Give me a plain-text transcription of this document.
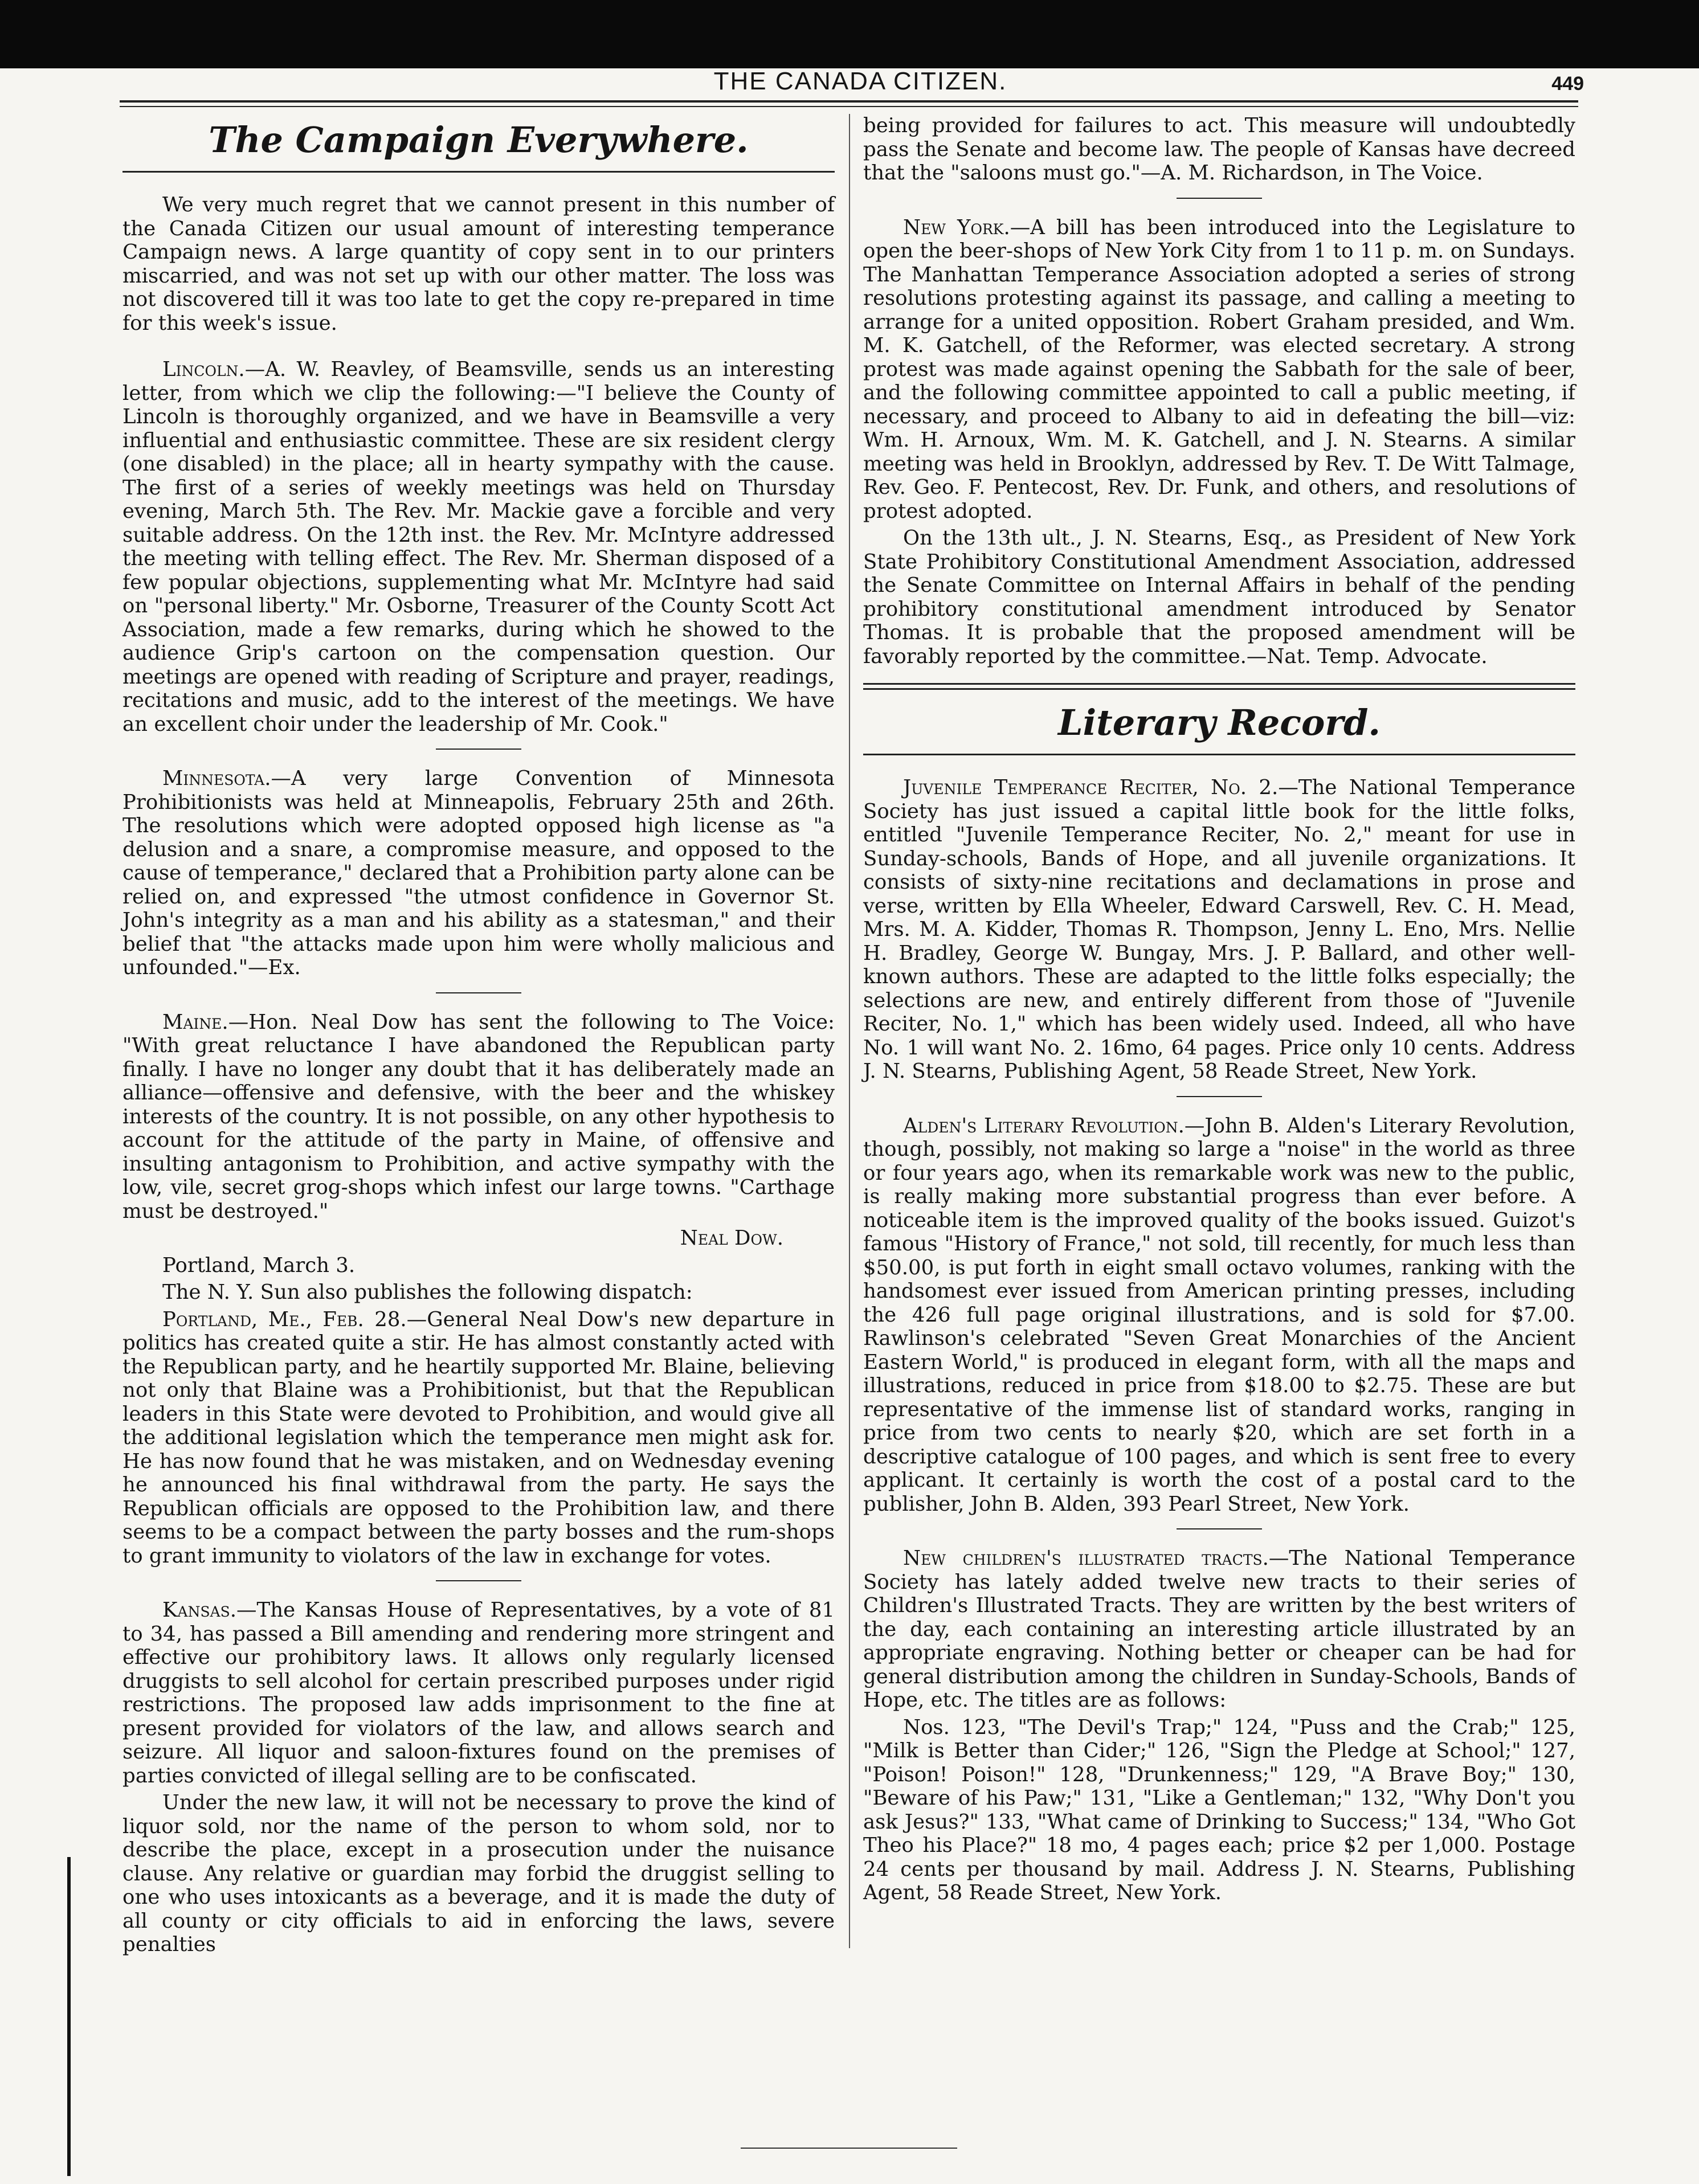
THE CANADA CITIZEN.	449
The Campaign Everywhere.

We very much regret that we cannot present in this number of the Canada Citizen our usual amount of interesting temperance Campaign news. A large quantity of copy sent in to our printers miscarried, and was not set up with our other matter. The loss was not discovered till it was too late to get the copy re-prepared in time for this week's issue.

Lincoln.—A. W. Reavley, of Beamsville, sends us an interesting letter, from which we clip the following:—"I believe the County of Lincoln is thoroughly organized, and we have in Beamsville a very influential and enthusiastic committee. These are six resident clergy (one disabled) in the place; all in hearty sympathy with the cause. The first of a series of weekly meetings was held on Thursday evening, March 5th. The Rev. Mr. Mackie gave a forcible and very suitable address. On the 12th inst. the Rev. Mr. McIntyre addressed the meeting with telling effect. The Rev. Mr. Sherman disposed of a few popular objections, supplementing what Mr. McIntyre had said on "personal liberty." Mr. Osborne, Treasurer of the County Scott Act Association, made a few remarks, during which he showed to the audience Grip's cartoon on the compensation question. Our meetings are opened with reading of Scripture and prayer, readings, recitations and music, add to the interest of the meetings. We have an excellent choir under the leadership of Mr. Cook."

Minnesota.—A very large Convention of Minnesota Prohibitionists was held at Minneapolis, February 25th and 26th. The resolutions which were adopted opposed high license as "a delusion and a snare, a compromise measure, and opposed to the cause of temperance," declared that a Prohibition party alone can be relied on, and expressed "the utmost confidence in Governor St. John's integrity as a man and his ability as a statesman," and their belief that "the attacks made upon him were wholly malicious and unfounded."—Ex.

Maine.—Hon. Neal Dow has sent the following to The Voice: "With great reluctance I have abandoned the Republican party finally. I have no longer any doubt that it has deliberately made an alliance—offensive and defensive, with the beer and the whiskey interests of the country. It is not possible, on any other hypothesis to account for the attitude of the party in Maine, of offensive and insulting antagonism to Prohibition, and active sympathy with the low, vile, secret grog-shops which infest our large towns. "Carthage must be destroyed."

Neal Dow.

Portland, March 3.

The N. Y. Sun also publishes the following dispatch:

Portland, Me., Feb. 28.—General Neal Dow's new departure in politics has created quite a stir. He has almost constantly acted with the Republican party, and he heartily supported Mr. Blaine, believing not only that Blaine was a Prohibitionist, but that the Republican leaders in this State were devoted to Prohibition, and would give all the additional legislation which the temperance men might ask for. He has now found that he was mistaken, and on Wednesday evening he announced his final withdrawal from the party. He says the Republican officials are opposed to the Prohibition law, and there seems to be a compact between the party bosses and the rum-shops to grant immunity to violators of the law in exchange for votes.

Kansas.—The Kansas House of Representatives, by a vote of 81 to 34, has passed a Bill amending and rendering more stringent and effective our prohibitory laws. It allows only regularly licensed druggists to sell alcohol for certain prescribed purposes under rigid restrictions. The proposed law adds imprisonment to the fine at present provided for violators of the law, and allows search and seizure. All liquor and saloon-fixtures found on the premises of parties convicted of illegal selling are to be confiscated.

Under the new law, it will not be necessary to prove the kind of liquor sold, nor the name of the person to whom sold, nor to describe the place, except in a prosecution under the nuisance clause. Any relative or guardian may forbid the druggist selling to one who uses intoxicants as a beverage, and it is made the duty of all county or city officials to aid in enforcing the laws, severe penalties

being provided for failures to act. This measure will undoubtedly pass the Senate and become law. The people of Kansas have decreed that the "saloons must go."—A. M. Richardson, in The Voice.

New York.—A bill has been introduced into the Legislature to open the beer-shops of New York City from 1 to 11 p. m. on Sundays. The Manhattan Temperance Association adopted a series of strong resolutions protesting against its passage, and calling a meeting to arrange for a united opposition. Robert Graham presided, and Wm. M. K. Gatchell, of the Reformer, was elected secretary. A strong protest was made against opening the Sabbath for the sale of beer, and the following committee appointed to call a public meeting, if necessary, and proceed to Albany to aid in defeating the bill—viz: Wm. H. Arnoux, Wm. M. K. Gatchell, and J. N. Stearns. A similar meeting was held in Brooklyn, addressed by Rev. T. De Witt Talmage, Rev. Geo. F. Pentecost, Rev. Dr. Funk, and others, and resolutions of protest adopted.

On the 13th ult., J. N. Stearns, Esq., as President of New York State Prohibitory Constitutional Amendment Association, addressed the Senate Committee on Internal Affairs in behalf of the pending prohibitory constitutional amendment introduced by Senator Thomas. It is probable that the proposed amendment will be favorably reported by the committee.—Nat. Temp. Advocate.

Literary Record.

Juvenile Temperance Reciter, No. 2.—The National Temperance Society has just issued a capital little book for the little folks, entitled "Juvenile Temperance Reciter, No. 2," meant for use in Sunday-schools, Bands of Hope, and all juvenile organizations. It consists of sixty-nine recitations and declamations in prose and verse, written by Ella Wheeler, Edward Carswell, Rev. C. H. Mead, Mrs. M. A. Kidder, Thomas R. Thompson, Jenny L. Eno, Mrs. Nellie H. Bradley, George W. Bungay, Mrs. J. P. Ballard, and other well-known authors. These are adapted to the little folks especially; the selections are new, and entirely different from those of "Juvenile Reciter, No. 1," which has been widely used. Indeed, all who have No. 1 will want No. 2. 16mo, 64 pages. Price only 10 cents. Address J. N. Stearns, Publishing Agent, 58 Reade Street, New York.

Alden's Literary Revolution.—John B. Alden's Literary Revolution, though, possibly, not making so large a "noise" in the world as three or four years ago, when its remarkable work was new to the public, is really making more substantial progress than ever before. A noticeable item is the improved quality of the books issued. Guizot's famous "History of France," not sold, till recently, for much less than $50.00, is put forth in eight small octavo volumes, ranking with the handsomest ever issued from American printing presses, including the 426 full page original illustrations, and is sold for $7.00. Rawlinson's celebrated "Seven Great Monarchies of the Ancient Eastern World," is produced in elegant form, with all the maps and illustrations, reduced in price from $18.00 to $2.75. These are but representative of the immense list of standard works, ranging in price from two cents to nearly $20, which are set forth in a descriptive catalogue of 100 pages, and which is sent free to every applicant. It certainly is worth the cost of a postal card to the publisher, John B. Alden, 393 Pearl Street, New York.

New children's illustrated tracts.—The National Temperance Society has lately added twelve new tracts to their series of Children's Illustrated Tracts. They are written by the best writers of the day, each containing an interesting article illustrated by an appropriate engraving. Nothing better or cheaper can be had for general distribution among the children in Sunday-Schools, Bands of Hope, etc. The titles are as follows:

Nos. 123, "The Devil's Trap;" 124, "Puss and the Crab;" 125, "Milk is Better than Cider;" 126, "Sign the Pledge at School;" 127, "Poison! Poison!" 128, "Drunkenness;" 129, "A Brave Boy;" 130, "Beware of his Paw;" 131, "Like a Gentleman;" 132, "Why Don't you ask Jesus?" 133, "What came of Drinking to Success;" 134, "Who Got Theo his Place?" 18 mo, 4 pages each; price $2 per 1,000. Postage 24 cents per thousand by mail. Address J. N. Stearns, Publishing Agent, 58 Reade Street, New York.
